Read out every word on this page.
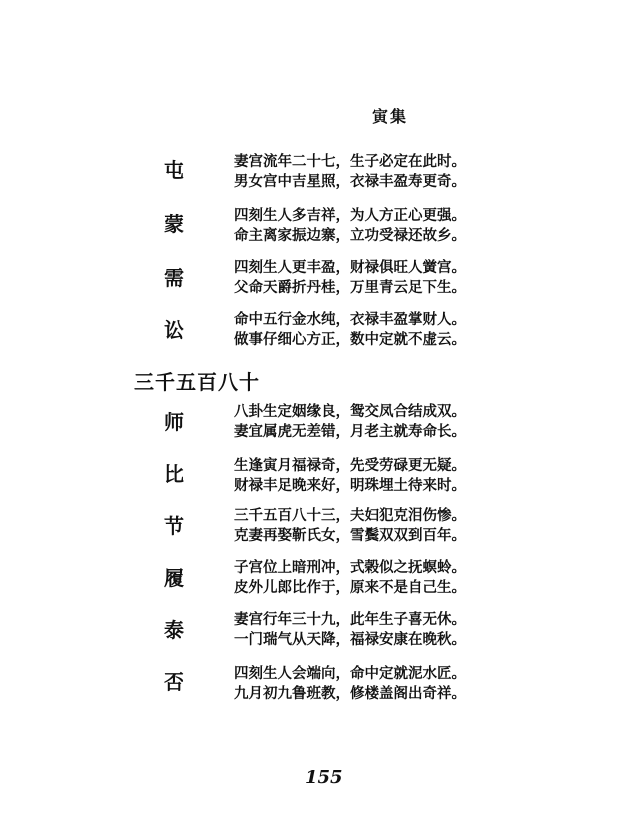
寅集
屯	妻宫流年二十七，生子必定在此时。
男女宫中吉星照，衣禄丰盈寿更奇。
蒙	四刻生人多吉祥，为人方正心更强。
命主离家振边寨，立功受禄还故乡。
需	四刻生人更丰盈，财禄俱旺人黉宫。
父命天爵折丹桂，万里青云足下生。
讼	命中五行金水纯，衣禄丰盈掌财人。
做事仔细心方正，数中定就不虚云。
三千五百八十
师	八卦生定姻缘良，鸳交凤合结成双。
妻宜属虎无差错，月老主就寿命长。
比	生逢寅月福禄奇，先受劳碌更无疑。
财禄丰足晚来好，明珠埋土待来时。
节	三千五百八十三，夫妇犯克泪伤惨。
克妻再娶靳氏女，雪鬓双双到百年。
履	子宫位上暗刑冲，式榖似之抚螟蛉。
皮外儿郎比作于，原来不是自己生。
泰	妻宫行年三十九，此年生子喜无休。
一门瑞气从天降，福禄安康在晚秋。
否	四刻生人会端向，命中定就泥水匠。
九月初九鲁班教，修楼盖阁出奇祥。
155
